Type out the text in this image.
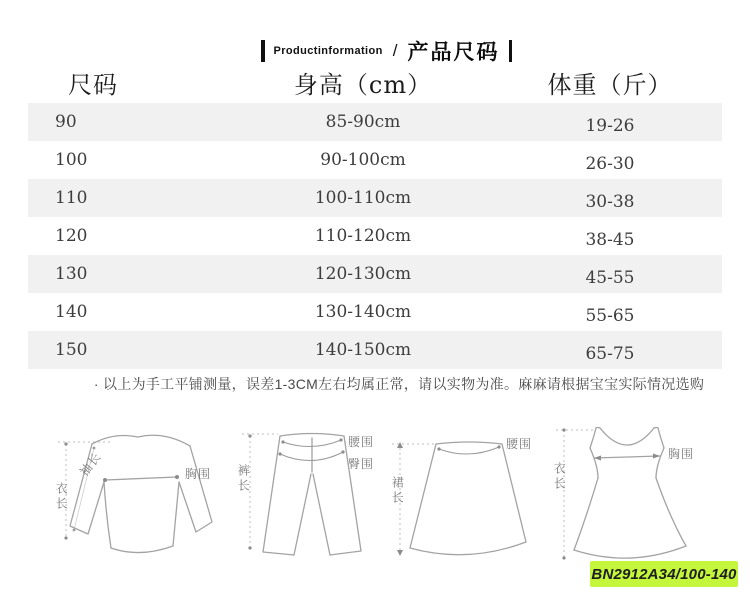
Productinformation / 产品尺码
尺码	身高（cm）	体重（斤）
90	85-90cm	19-26
100	90-100cm	26-30
110	100-110cm	30-38
120	110-120cm	38-45
130	120-130cm	45-55
140	130-140cm	55-65
150	140-150cm	65-75
· 以上为手工平铺测量，误差1-3CM左右均属正常，请以实物为准。麻麻请根据宝宝实际情况选购
衣长
袖长	胸围 裤长
腰围
臀围
裙长
腰围
衣长
胸围
BN2912A34/100-140
